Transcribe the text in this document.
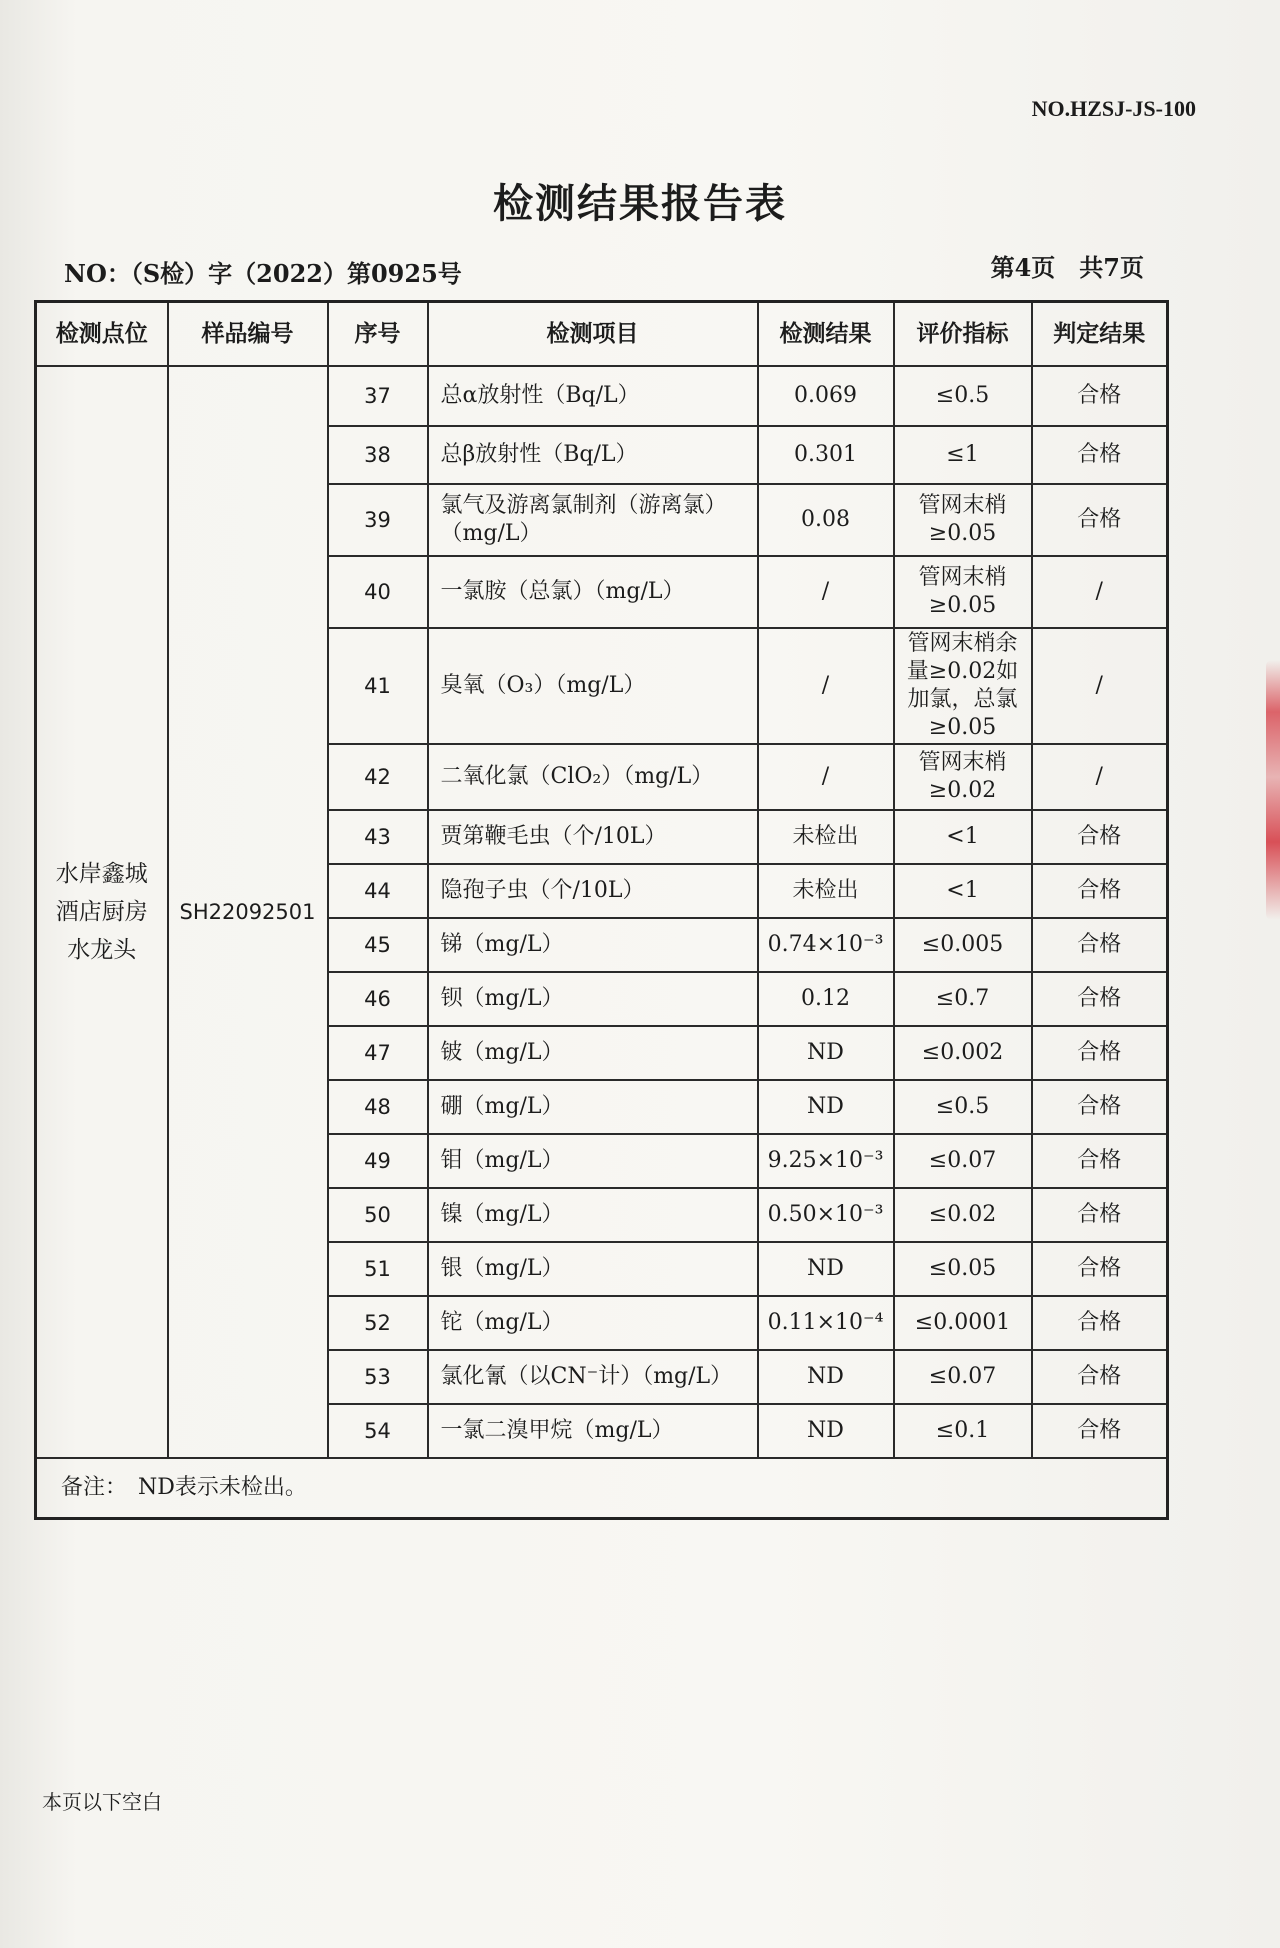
NO.HZSJ-JS-100
检测结果报告表
NO：（S检）字（2022）第0925号	第4页　共7页
检测点位	样品编号	序号	检测项目	检测结果	评价指标	判定结果

水岸鑫城
酒店厨房
水龙头	SH22092501	37	总α放射性（Bq/L）	0.069	≤0.5	合格
		38	总β放射性（Bq/L）	0.301	≤1	合格
		39	氯气及游离氯制剂（游离氯）（mg/L）	0.08	管网末梢≥0.05	合格
		40	一氯胺（总氯）（mg/L）	/	管网末梢≥0.05	/
		41	臭氧（O₃）（mg/L）	/	管网末梢余量≥0.02如加氯，总氯≥0.05	/
		42	二氧化氯（ClO₂）（mg/L）	/	管网末梢≥0.02	/
		43	贾第鞭毛虫（个/10L）	未检出	<1	合格
		44	隐孢子虫（个/10L）	未检出	<1	合格
		45	锑（mg/L）	0.74×10⁻³	≤0.005	合格
		46	钡（mg/L）	0.12	≤0.7	合格
		47	铍（mg/L）	ND	≤0.002	合格
		48	硼（mg/L）	ND	≤0.5	合格
		49	钼（mg/L）	9.25×10⁻³	≤0.07	合格
		50	镍（mg/L）	0.50×10⁻³	≤0.02	合格
		51	银（mg/L）	ND	≤0.05	合格
		52	铊（mg/L）	0.11×10⁻⁴	≤0.0001	合格
		53	氯化氰（以CN⁻计）（mg/L）	ND	≤0.07	合格
		54	一氯二溴甲烷（mg/L）	ND	≤0.1	合格
备注：　ND表示未检出。						
本页以下空白
